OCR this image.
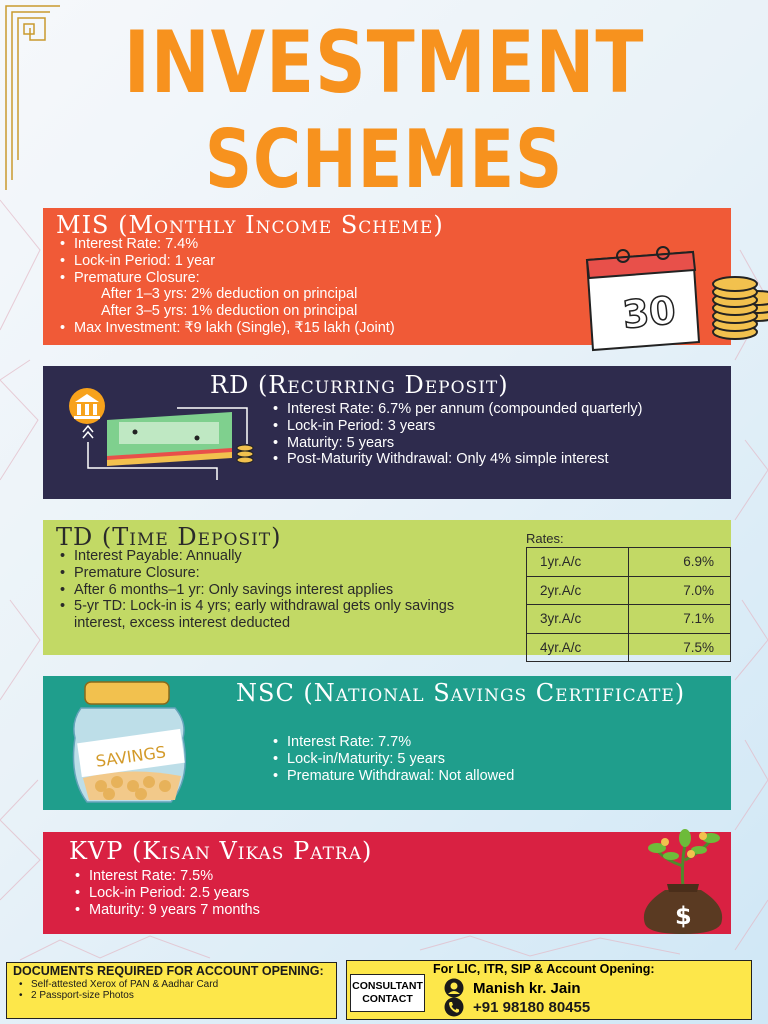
INVESTMENT
SCHEMES
MIS (Monthly Income Scheme)
• Interest Rate: 7.4%
• Lock-in Period: 1 year
• Premature Closure:
After 1–3 yrs: 2% deduction on principal
After 3–5 yrs: 1% deduction on principal
• Max Investment: ₹9 lakh (Single), ₹15 lakh (Joint)	30
RD (Recurring Deposit)
• Interest Rate: 6.7% per annum (compounded quarterly)
• Lock-in Period: 3 years
• Maturity: 5 years
• Post-Maturity Withdrawal: Only 4% simple interest
TD (Time Deposit)
• Interest Payable: Annually
• Premature Closure:
• After 6 months–1 yr: Only savings interest applies
• 5-yr TD: Lock-in is 4 yrs; early withdrawal gets only savings interest, excess interest deducted
Rates:
1yr.A/c	6.9%
2yr.A/c	7.0%
3yr.A/c	7.1%
4yr.A/c	7.5%
SAVINGS
NSC (National Savings Certificate)
• Interest Rate: 7.7%
• Lock-in/Maturity: 5 years
• Premature Withdrawal: Not allowed
KVP (Kisan Vikas Patra)
• Interest Rate: 7.5%
• Lock-in Period: 2.5 years
• Maturity: 9 years 7 months	$
DOCUMENTS REQUIRED FOR ACCOUNT OPENING:
• Self-attested Xerox of PAN & Aadhar Card
• 2 Passport-size Photos
CONSULTANT
CONTACT
For LIC, ITR, SIP & Account Opening:
Manish kr. Jain
+91 98180 80455
